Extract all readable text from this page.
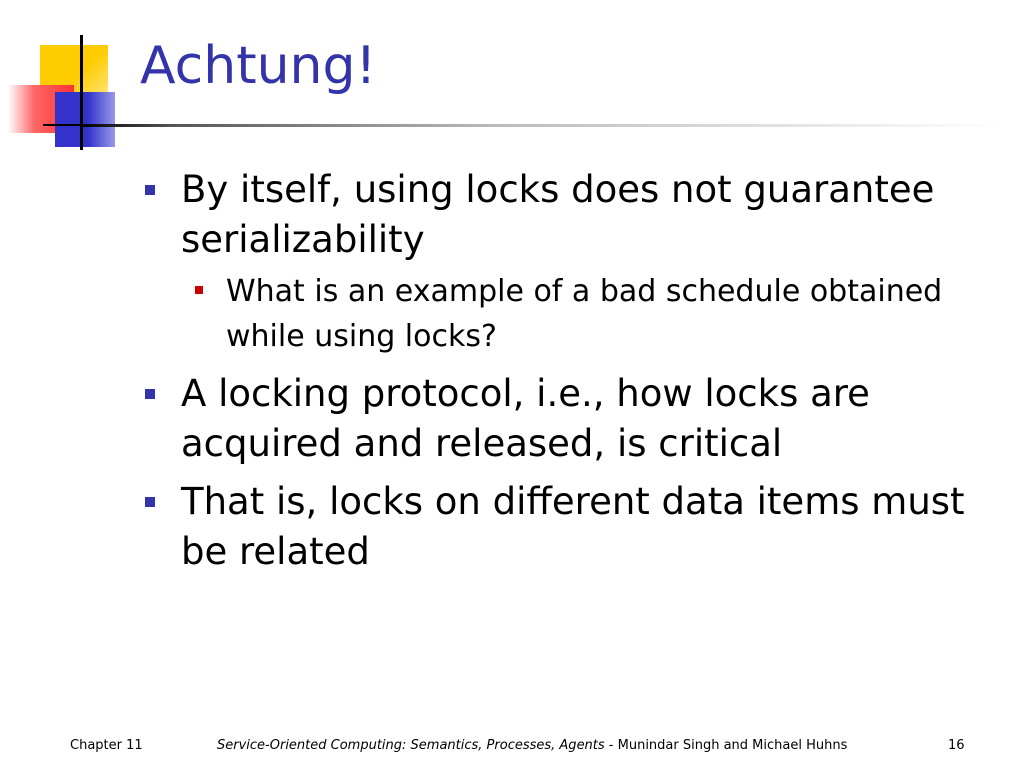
Achtung!
By itself, using locks does not guarantee serializability
What is an example of a bad schedule obtained while using locks?
A locking protocol, i.e., how locks are acquired and released, is critical
That is, locks on different data items must be related
Chapter 11	Service-Oriented Computing: Semantics, Processes, Agents - Munindar Singh and Michael Huhns	16
